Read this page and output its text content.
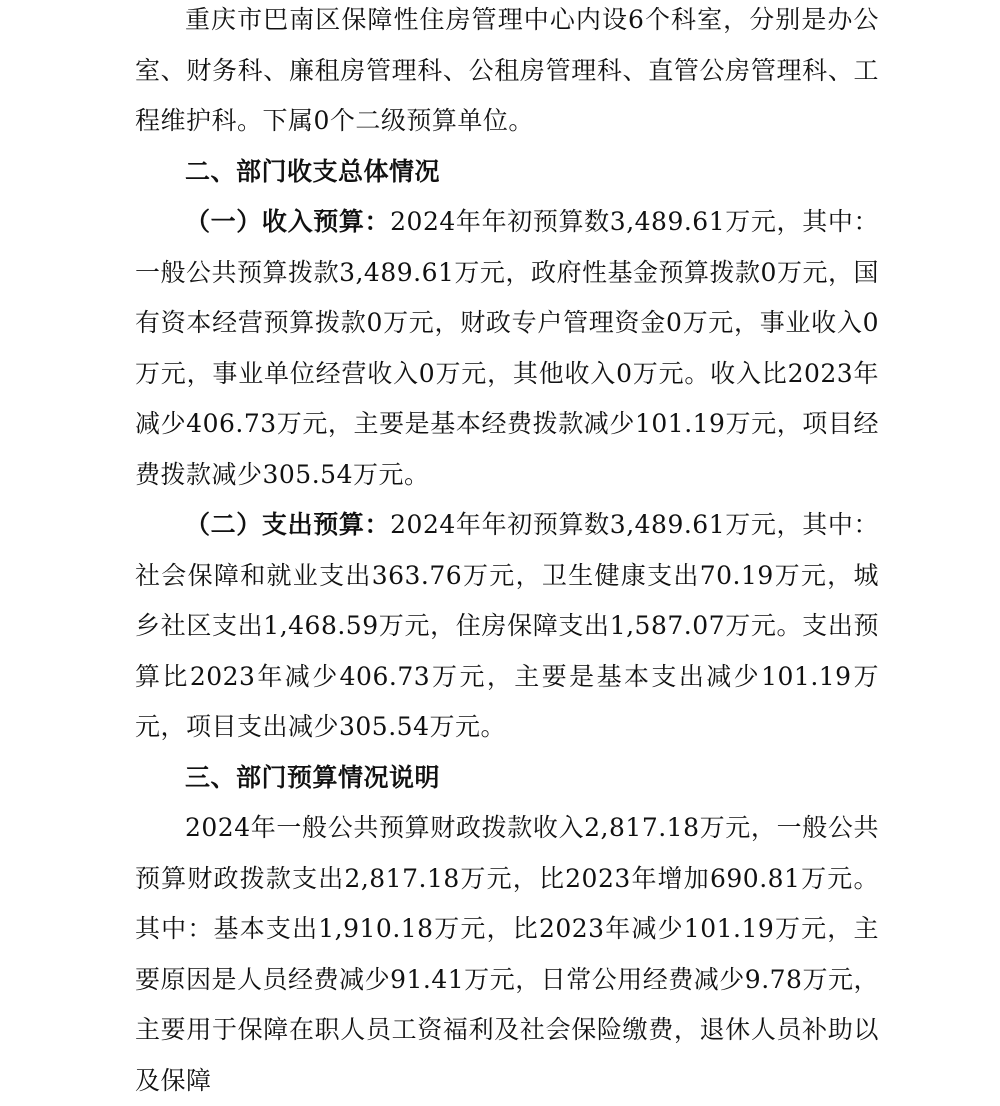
重庆市巴南区保障性住房管理中心内设6个科室，分别是办公室、财务科、廉租房管理科、公租房管理科、直管公房管理科、工程维护科。下属0个二级预算单位。

二、部门收支总体情况

（一）收入预算：2024年年初预算数3,489.61万元，其中：一般公共预算拨款3,489.61万元，政府性基金预算拨款0万元，国有资本经营预算拨款0万元，财政专户管理资金0万元，事业收入0万元，事业单位经营收入0万元，其他收入0万元。收入比2023年减少406.73万元，主要是基本经费拨款减少101.19万元，项目经费拨款减少305.54万元。

（二）支出预算：2024年年初预算数3,489.61万元，其中：社会保障和就业支出363.76万元，卫生健康支出70.19万元，城乡社区支出1,468.59万元，住房保障支出1,587.07万元。支出预算比2023年减少406.73万元，主要是基本支出减少101.19万元，项目支出减少305.54万元。

三、部门预算情况说明

2024年一般公共预算财政拨款收入2,817.18万元，一般公共预算财政拨款支出2,817.18万元，比2023年增加690.81万元。其中：基本支出1,910.18万元，比2023年减少101.19万元，主要原因是人员经费减少91.41万元，日常公用经费减少9.78万元，主要用于保障在职人员工资福利及社会保险缴费，退休人员补助以及保障
